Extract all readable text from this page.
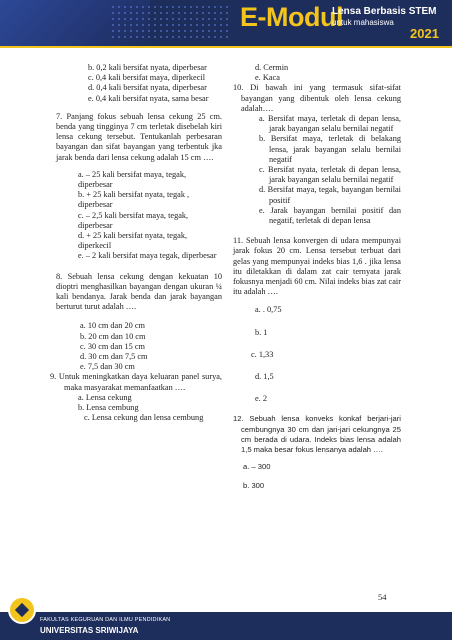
E-Modul
Lensa Berbasis STEM
untuk mahasiswa
2021
b. 0,2 kali bersifat nyata, diperbesar
c. 0,4 kali bersifat maya, diperkecil
d. 0,4 kali bersifat nyata, diperbesar
e. 0,4 kali bersifat nyata, sama besar

7. Panjang fokus sebuah lensa cekung 25 cm. benda yang tingginya 7 cm terletak disebelah kiri lensa cekung tersebut. Tentukanlah perbesaran bayangan dan sifat bayangan yang terbentuk jka jarak benda dari lensa cekung adalah 15 cm ….

a. – 25 kali bersifat maya, tegak, diperbesar
b. + 25 kali bersifat nyata, tegak , diperbesar
c. – 2,5 kali bersifat maya, tegak, diperbesar
d. + 25 kali bersifat nyata, tegak, diperkecil
e. – 2 kali bersifat maya tegak, diperbesar

8. Sebuah lensa cekung dengan kekuatan 10 dioptri menghasilkan bayangan dengan ukuran ¼ kali bendanya. Jarak benda dan jarak bayangan berturut turut adalah ….

a. 10 cm dan 20 cm
b. 20 cm dan 10 cm
c. 30 cm dan 15 cm
d. 30 cm dan 7,5 cm
e. 7,5 dan 30 cm

9. Untuk meningkatkan daya keluaran panel surya, maka masyarakat memanfaatkan ….

a. Lensa cekung
b. Lensa cembung
c. Lensa cekung dan lensa cembung
d. Cermin
e. Kaca

10. Di bawah ini yang termasuk sifat-sifat bayangan yang dibentuk oleh lensa cekung adalah….

a. Bersifat maya, terletak di depan lensa, jarak bayangan selalu bernilai negatif
b. Bersifat maya, terletak di belakang lensa, jarak bayangan selalu bernilai negatif
c. Bersifat nyata, terletak di depan lensa, jarak bayangan selalu bernilai negatif
d. Bersifat maya, tegak, bayangan bernilai positif
e. Jarak bayangan bernilai positif dan negatif, terletak di depan lensa

11. Sebuah lensa konvergen di udara mempunyai jarak fokus 20 cm. Lensa tersebut terbuat dari gelas yang mempunyai indeks bias 1,6 . jika lensa itu diletakkan di dalam zat cair ternyata jarak fokusnya menjadi 60 cm. Nilai indeks bias zat cair itu adalah ….

a. . 0,75
b. 1
c. 1,33
d. 1,5
e. 2

12. Sebuah lensa konveks konkaf berjari-jari cembungnya 30 cm dan jari-jari cekungnya 25 cm berada di udara. Indeks bias lensa adalah 1,5 maka besar fokus lensanya adalah ….

a. – 300
b. 300
54
FAKULTAS KEGURUAN DAN ILMU PENDIDIKAN
UNIVERSITAS SRIWIJAYA
